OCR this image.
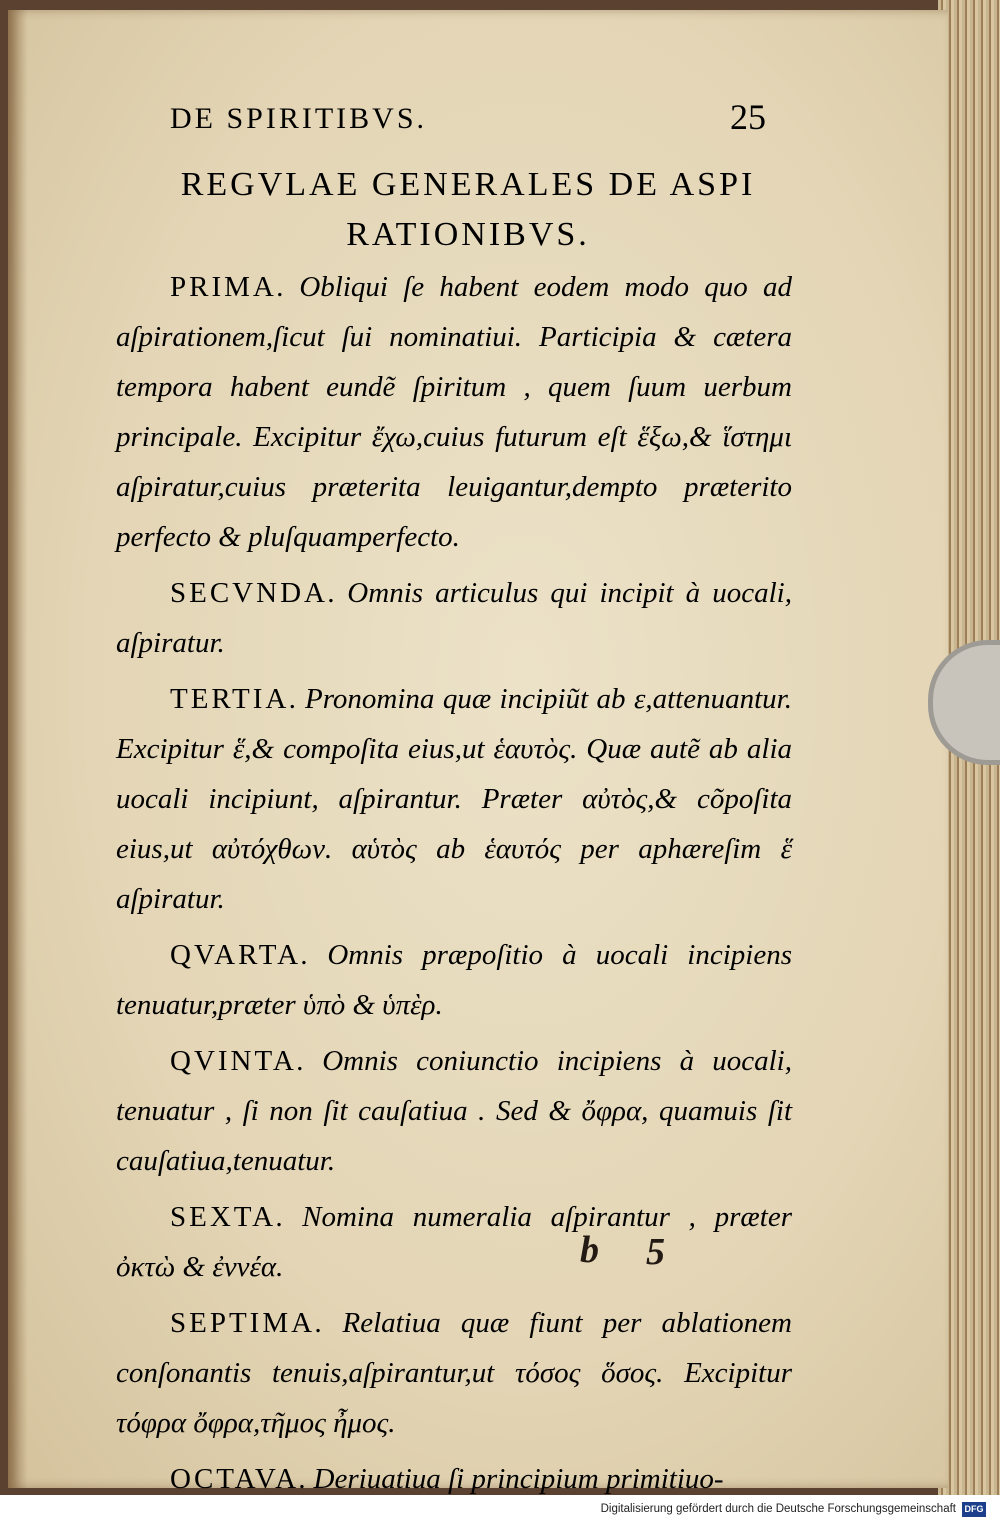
DE SPIRITIBVS.	25
REGVLAE GENERALES DE ASPI
RATIONIBVS.

PRIMA. Obliqui ſe habent eodem modo quo ad aſpirationem,ſicut ſui nominatiui. Participia & cætera tempora habent eundẽ ſpiritum , quem ſuum uerbum principale. Excipitur ἔχω,cuius futurum eſt ἕξω,& ἵστημι aſpiratur,cuius præterita leuigantur,dempto præterito perfecto & pluſquamperfecto.

SECVNDA. Omnis articulus qui incipit à uocali, aſpiratur.

TERTIA. Pronomina quæ incipiũt ab ε,attenuantur. Excipitur ἕ,& compoſita eius,ut ἑαυτὸς. Quæ autẽ ab alia uocali incipiunt, aſpirantur. Præter αὐτὸς,& cõpoſita eius,ut αὐτόχθων. αὑτὸς ab ἑαυτός per aphæreſim ἕ aſpiratur.

QVARTA. Omnis præpoſitio à uocali incipiens tenuatur,præter ὑπὸ & ὑπὲρ.

QVINTA. Omnis coniunctio incipiens à uocali, tenuatur , ſi non ſit cauſatiua . Sed & ὄφρα, quamuis ſit cauſatiua,tenuatur.

SEXTA. Nomina numeralia aſpirantur , præter ὀκτὼ & ἐννέα.

SEPTIMA. Relatiua quæ fiunt per ablationem conſonantis tenuis,aſpirantur,ut τόσος ὅσος. Excipitur τόφρα ὄφρα,τῆμος ἦμος.

OCTAVA. Deriuatiua ſi principium primitiuo-

b 5
Digitalisierung gefördert durch die Deutsche Forschungsgemeinschaft DFG
